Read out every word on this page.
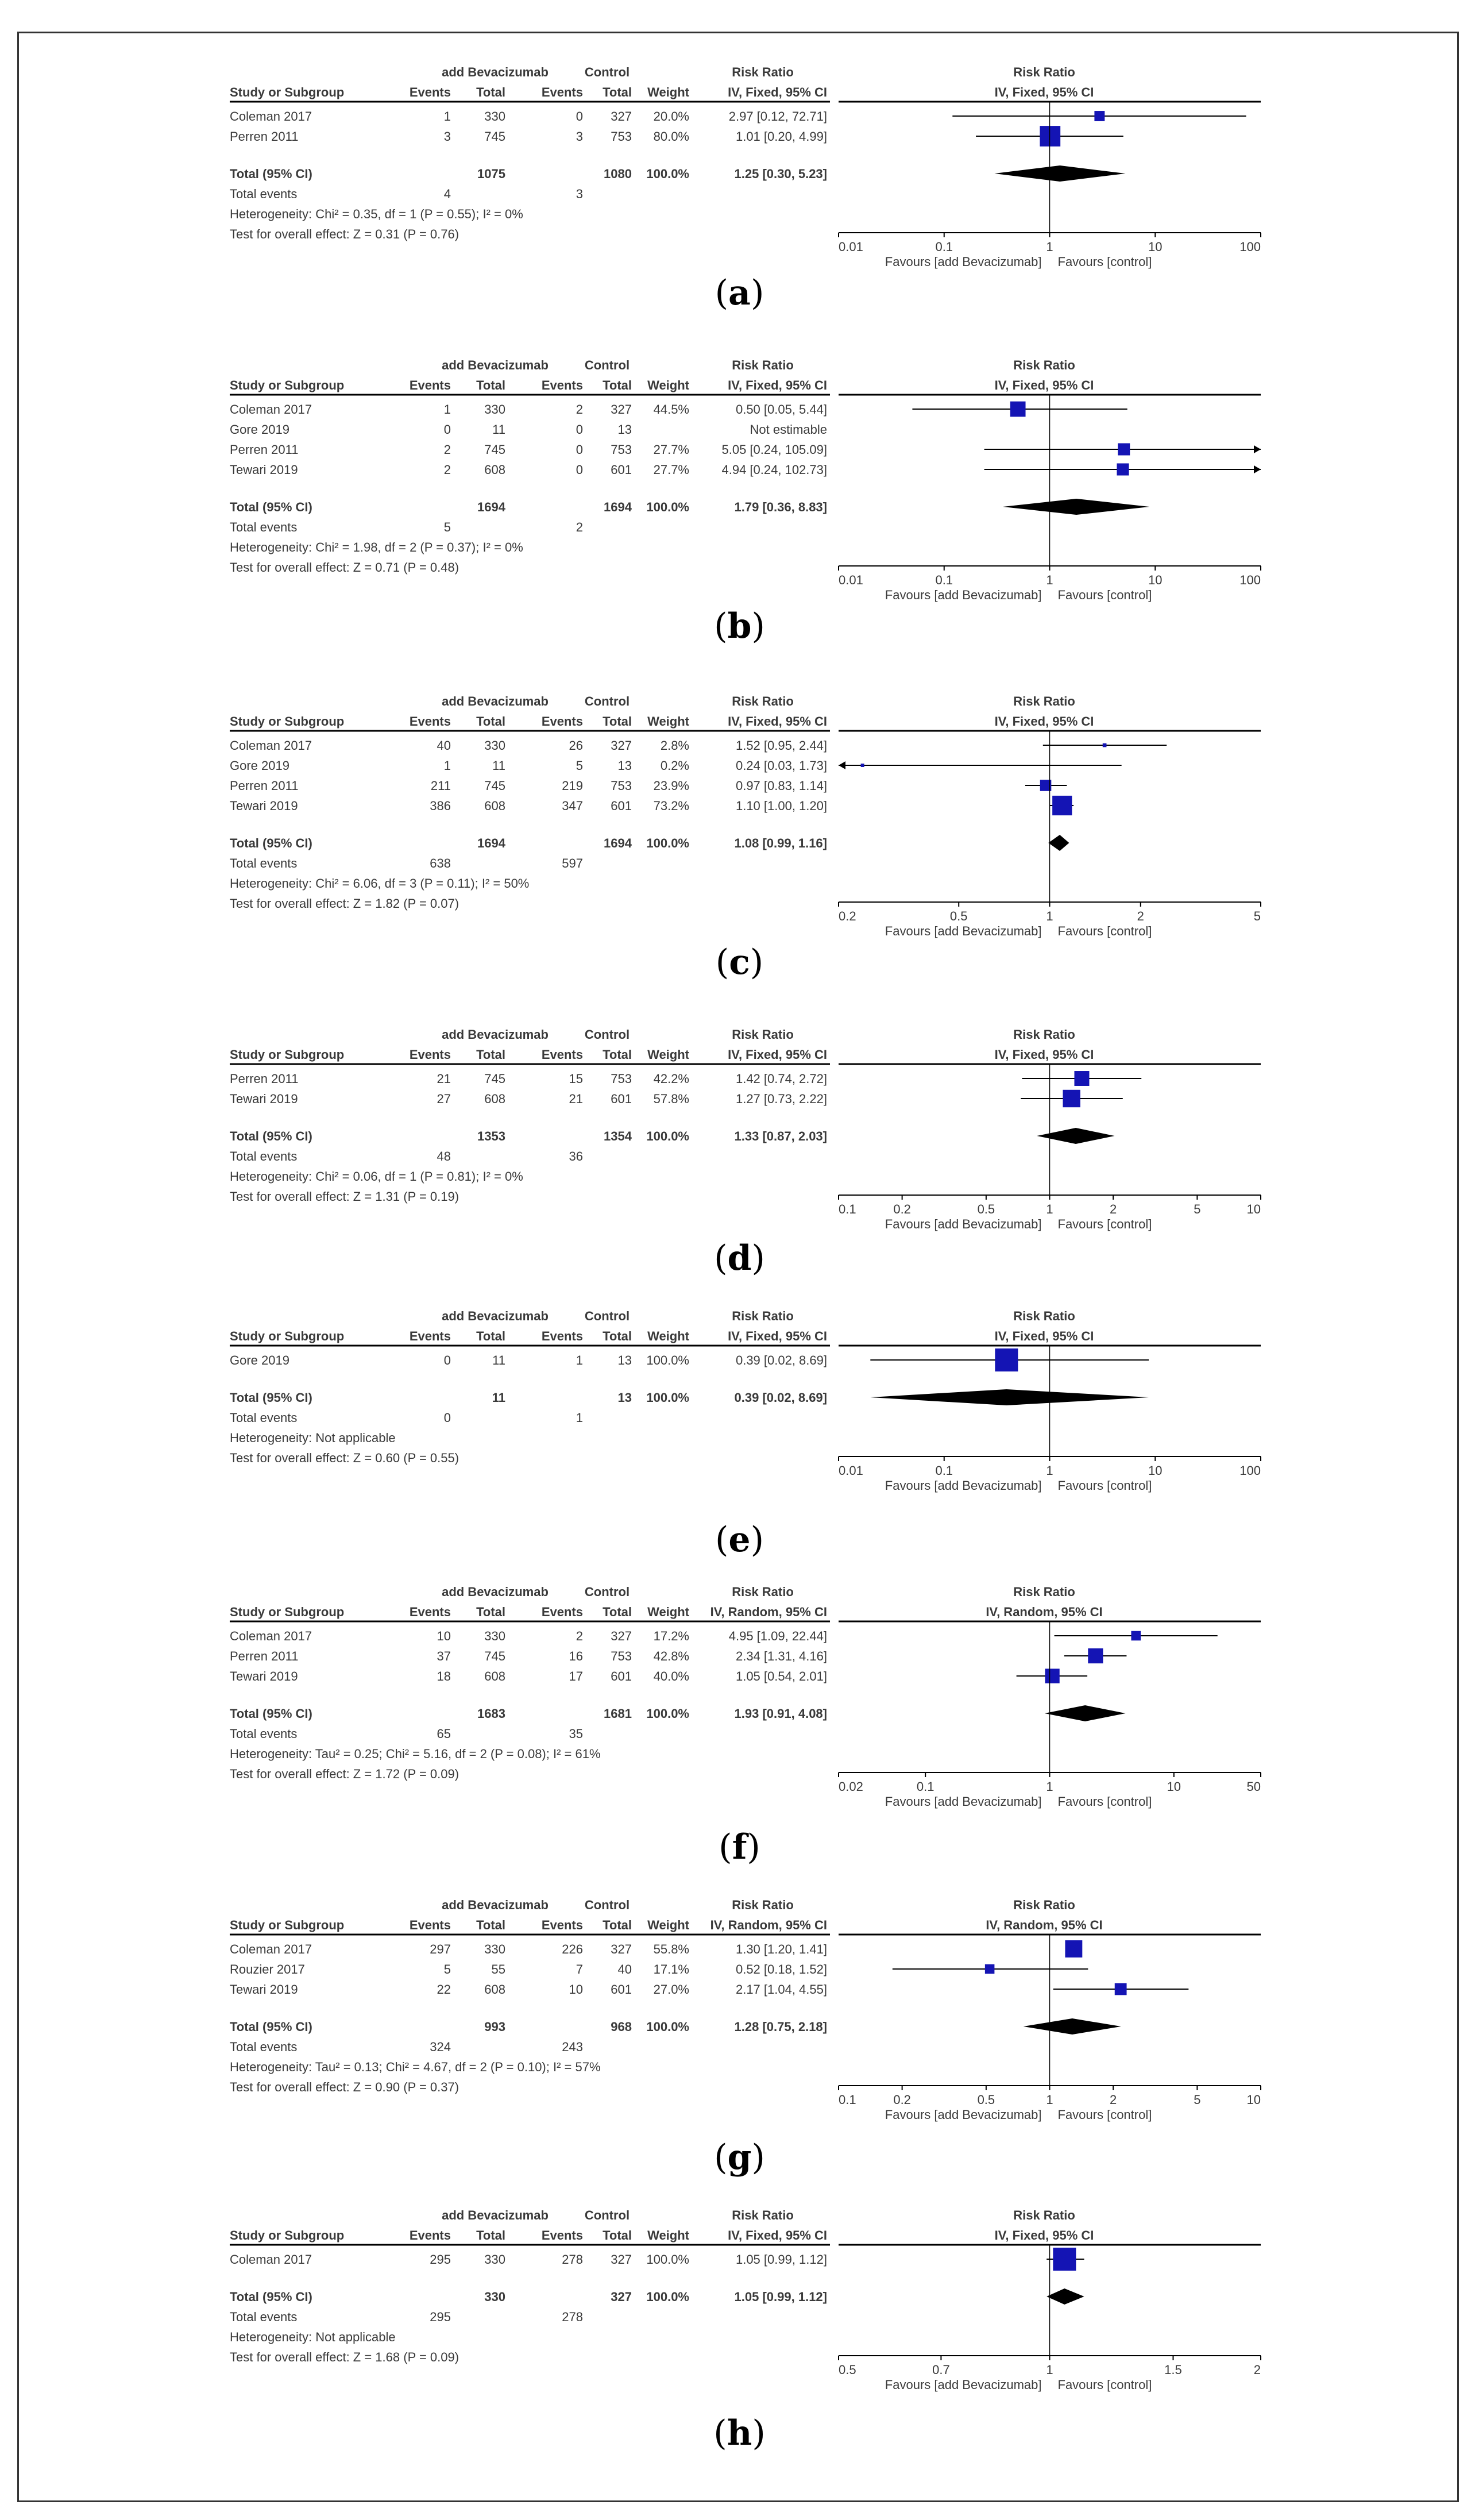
add Bevacizumab	Control	Risk Ratio	Risk Ratio
Study or Subgroup	Events Total	Events Total Weight	IV, Fixed, 95% CI	IV, Fixed, 95% CI
Coleman 2017	1	330	0 327 20.0%	2.97 [0.12, 72.71]
Perren 2011	3	745	3 753 80.0%	1.01 [0.20, 4.99]
Total (95% CI)	1075	1080 100.0%	1.25 [0.30, 5.23]
Total events	4	3
Heterogeneity: Chi² = 0.35, df = 1 (P = 0.55); I² = 0%
Test for overall effect: Z = 0.31 (P = 0.76)
0.01	0.1	1	10	100
Favours [add Bevacizumab] Favours [control]
(a)
add Bevacizumab	Control	Risk Ratio	Risk Ratio
Study or Subgroup	Events Total	Events Total Weight	IV, Fixed, 95% CI	IV, Fixed, 95% CI
Coleman 2017	1	330	2 327 44.5%	0.50 [0.05, 5.44]
Gore 2019	0	11	0	13	Not estimable
Perren 2011	2	745	0 753 27.7%	5.05 [0.24, 105.09]
Tewari 2019	2	608	0 601 27.7%	4.94 [0.24, 102.73]
Total (95% CI)	1694	1694 100.0%	1.79 [0.36, 8.83]
Total events	5	2
Heterogeneity: Chi² = 1.98, df = 2 (P = 0.37); I² = 0%
Test for overall effect: Z = 0.71 (P = 0.48)
0.01	0.1	1	10	100
Favours [add Bevacizumab] Favours [control]
(b)
add Bevacizumab	Control	Risk Ratio	Risk Ratio
Study or Subgroup	Events Total	Events Total Weight	IV, Fixed, 95% CI	IV, Fixed, 95% CI
Coleman 2017	40	330	26 327 2.8%	1.52 [0.95, 2.44]
Gore 2019	1	11	5	13 0.2%	0.24 [0.03, 1.73]
Perren 2011	211	745	219 753 23.9%	0.97 [0.83, 1.14]
Tewari 2019	386	608	347 601 73.2%	1.10 [1.00, 1.20]
Total (95% CI)	1694	1694 100.0%	1.08 [0.99, 1.16]
Total events	638	597
Heterogeneity: Chi² = 6.06, df = 3 (P = 0.11); I² = 50%
Test for overall effect: Z = 1.82 (P = 0.07)
0.2	0.5	1	2	5
Favours [add Bevacizumab] Favours [control]
(c)
add Bevacizumab	Control	Risk Ratio	Risk Ratio
Study or Subgroup	Events Total	Events Total Weight	IV, Fixed, 95% CI	IV, Fixed, 95% CI
Perren 2011	21	745	15 753 42.2%	1.42 [0.74, 2.72]
Tewari 2019	27	608	21 601 57.8%	1.27 [0.73, 2.22]
Total (95% CI)	1353	1354 100.0%	1.33 [0.87, 2.03]
Total events	48	36
Heterogeneity: Chi² = 0.06, df = 1 (P = 0.81); I² = 0%
Test for overall effect: Z = 1.31 (P = 0.19)
0.1	0.2	0.5	1	2	5	10
Favours [add Bevacizumab] Favours [control]
(d)
add Bevacizumab	Control	Risk Ratio	Risk Ratio
Study or Subgroup	Events Total	Events Total Weight	IV, Fixed, 95% CI	IV, Fixed, 95% CI
Gore 2019	0	11	1	13 100.0%	0.39 [0.02, 8.69]
Total (95% CI)	11	13 100.0%	0.39 [0.02, 8.69]
Total events	0	1
Heterogeneity: Not applicable
Test for overall effect: Z = 0.60 (P = 0.55)
0.01	0.1	1	10	100
Favours [add Bevacizumab] Favours [control]
(e)
add Bevacizumab	Control	Risk Ratio	Risk Ratio
Study or Subgroup	Events Total	Events Total Weight IV, Random, 95% CI	IV, Random, 95% CI
Coleman 2017	10	330	2 327 17.2%	4.95 [1.09, 22.44]
Perren 2011	37	745	16 753 42.8%	2.34 [1.31, 4.16]
Tewari 2019	18	608	17 601 40.0%	1.05 [0.54, 2.01]
Total (95% CI)	1683	1681 100.0%	1.93 [0.91, 4.08]
Total events	65	35
Heterogeneity: Tau² = 0.25; Chi² = 5.16, df = 2 (P = 0.08); I² = 61%
Test for overall effect: Z = 1.72 (P = 0.09)
0.02	0.1	1	10	50
Favours [add Bevacizumab] Favours [control]
(f)
add Bevacizumab	Control	Risk Ratio	Risk Ratio
Study or Subgroup	Events Total	Events Total Weight IV, Random, 95% CI	IV, Random, 95% CI
Coleman 2017	297	330	226 327 55.8%	1.30 [1.20, 1.41]
Rouzier 2017	5	55	7	40 17.1%	0.52 [0.18, 1.52]
Tewari 2019	22	608	10 601 27.0%	2.17 [1.04, 4.55]
Total (95% CI)	993	968 100.0%	1.28 [0.75, 2.18]
Total events	324	243
Heterogeneity: Tau² = 0.13; Chi² = 4.67, df = 2 (P = 0.10); I² = 57%
Test for overall effect: Z = 0.90 (P = 0.37)
0.1	0.2	0.5	1	2	5	10
Favours [add Bevacizumab] Favours [control]
(g)
add Bevacizumab	Control	Risk Ratio	Risk Ratio
Study or Subgroup	Events Total	Events Total Weight	IV, Fixed, 95% CI	IV, Fixed, 95% CI
Coleman 2017	295	330	278 327 100.0%	1.05 [0.99, 1.12]
Total (95% CI)	330	327 100.0%	1.05 [0.99, 1.12]
Total events	295	278
Heterogeneity: Not applicable
Test for overall effect: Z = 1.68 (P = 0.09)
0.5	0.7	1	1.5	2
Favours [add Bevacizumab] Favours [control]
(h)
